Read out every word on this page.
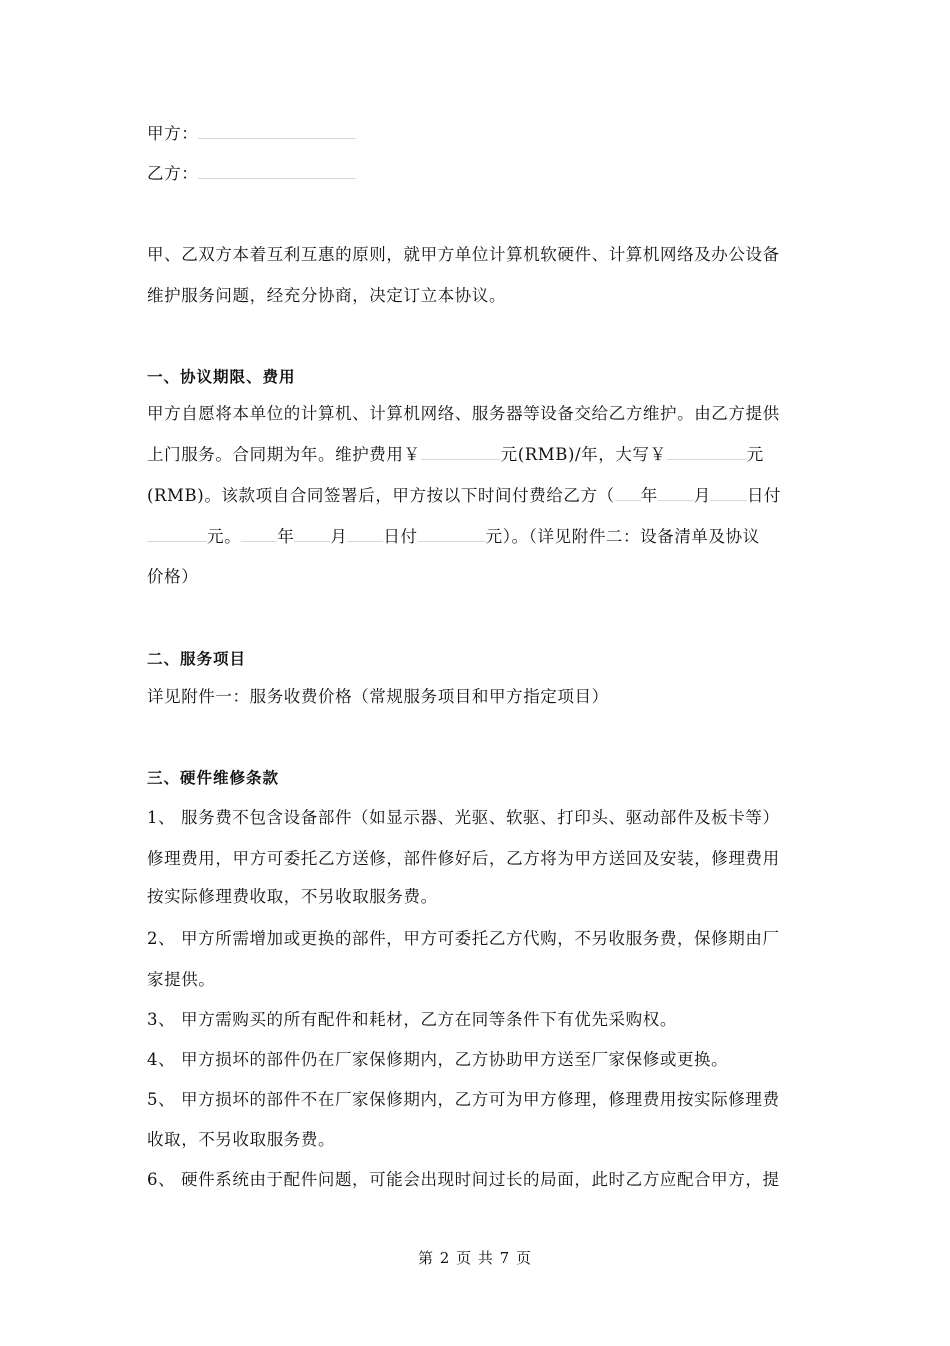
甲方：
乙方：
甲、乙双方本着互利互惠的原则，就甲方单位计算机软硬件、计算机网络及办公设备
维护服务问题，经充分协商，决定订立本协议。
一、协议期限、费用
甲方自愿将本单位的计算机、计算机网络、服务器等设备交给乙方维护。由乙方提供
上门服务。合同期为年。维护费用￥	元(RMB)/年，大写￥	元
(RMB)。该款项自合同签署后，甲方按以下时间付费给乙方（ 年 月 日付
元。 年 月 日付	元）。（详见附件二：设备清单及协议
价格）
二、服务项目
详见附件一：服务收费价格（常规服务项目和甲方指定项目）
三、硬件维修条款
1、 服务费不包含设备部件（如显示器、光驱、软驱、打印头、驱动部件及板卡等）
修理费用，甲方可委托乙方送修，部件修好后，乙方将为甲方送回及安装，修理费用
按实际修理费收取，不另收取服务费。
2、 甲方所需增加或更换的部件，甲方可委托乙方代购，不另收服务费，保修期由厂
家提供。
3、 甲方需购买的所有配件和耗材，乙方在同等条件下有优先采购权。
4、 甲方损坏的部件仍在厂家保修期内，乙方协助甲方送至厂家保修或更换。
5、 甲方损坏的部件不在厂家保修期内，乙方可为甲方修理，修理费用按实际修理费
收取，不另收取服务费。
6、 硬件系统由于配件问题，可能会出现时间过长的局面，此时乙方应配合甲方，提
第 2 页 共 7 页
